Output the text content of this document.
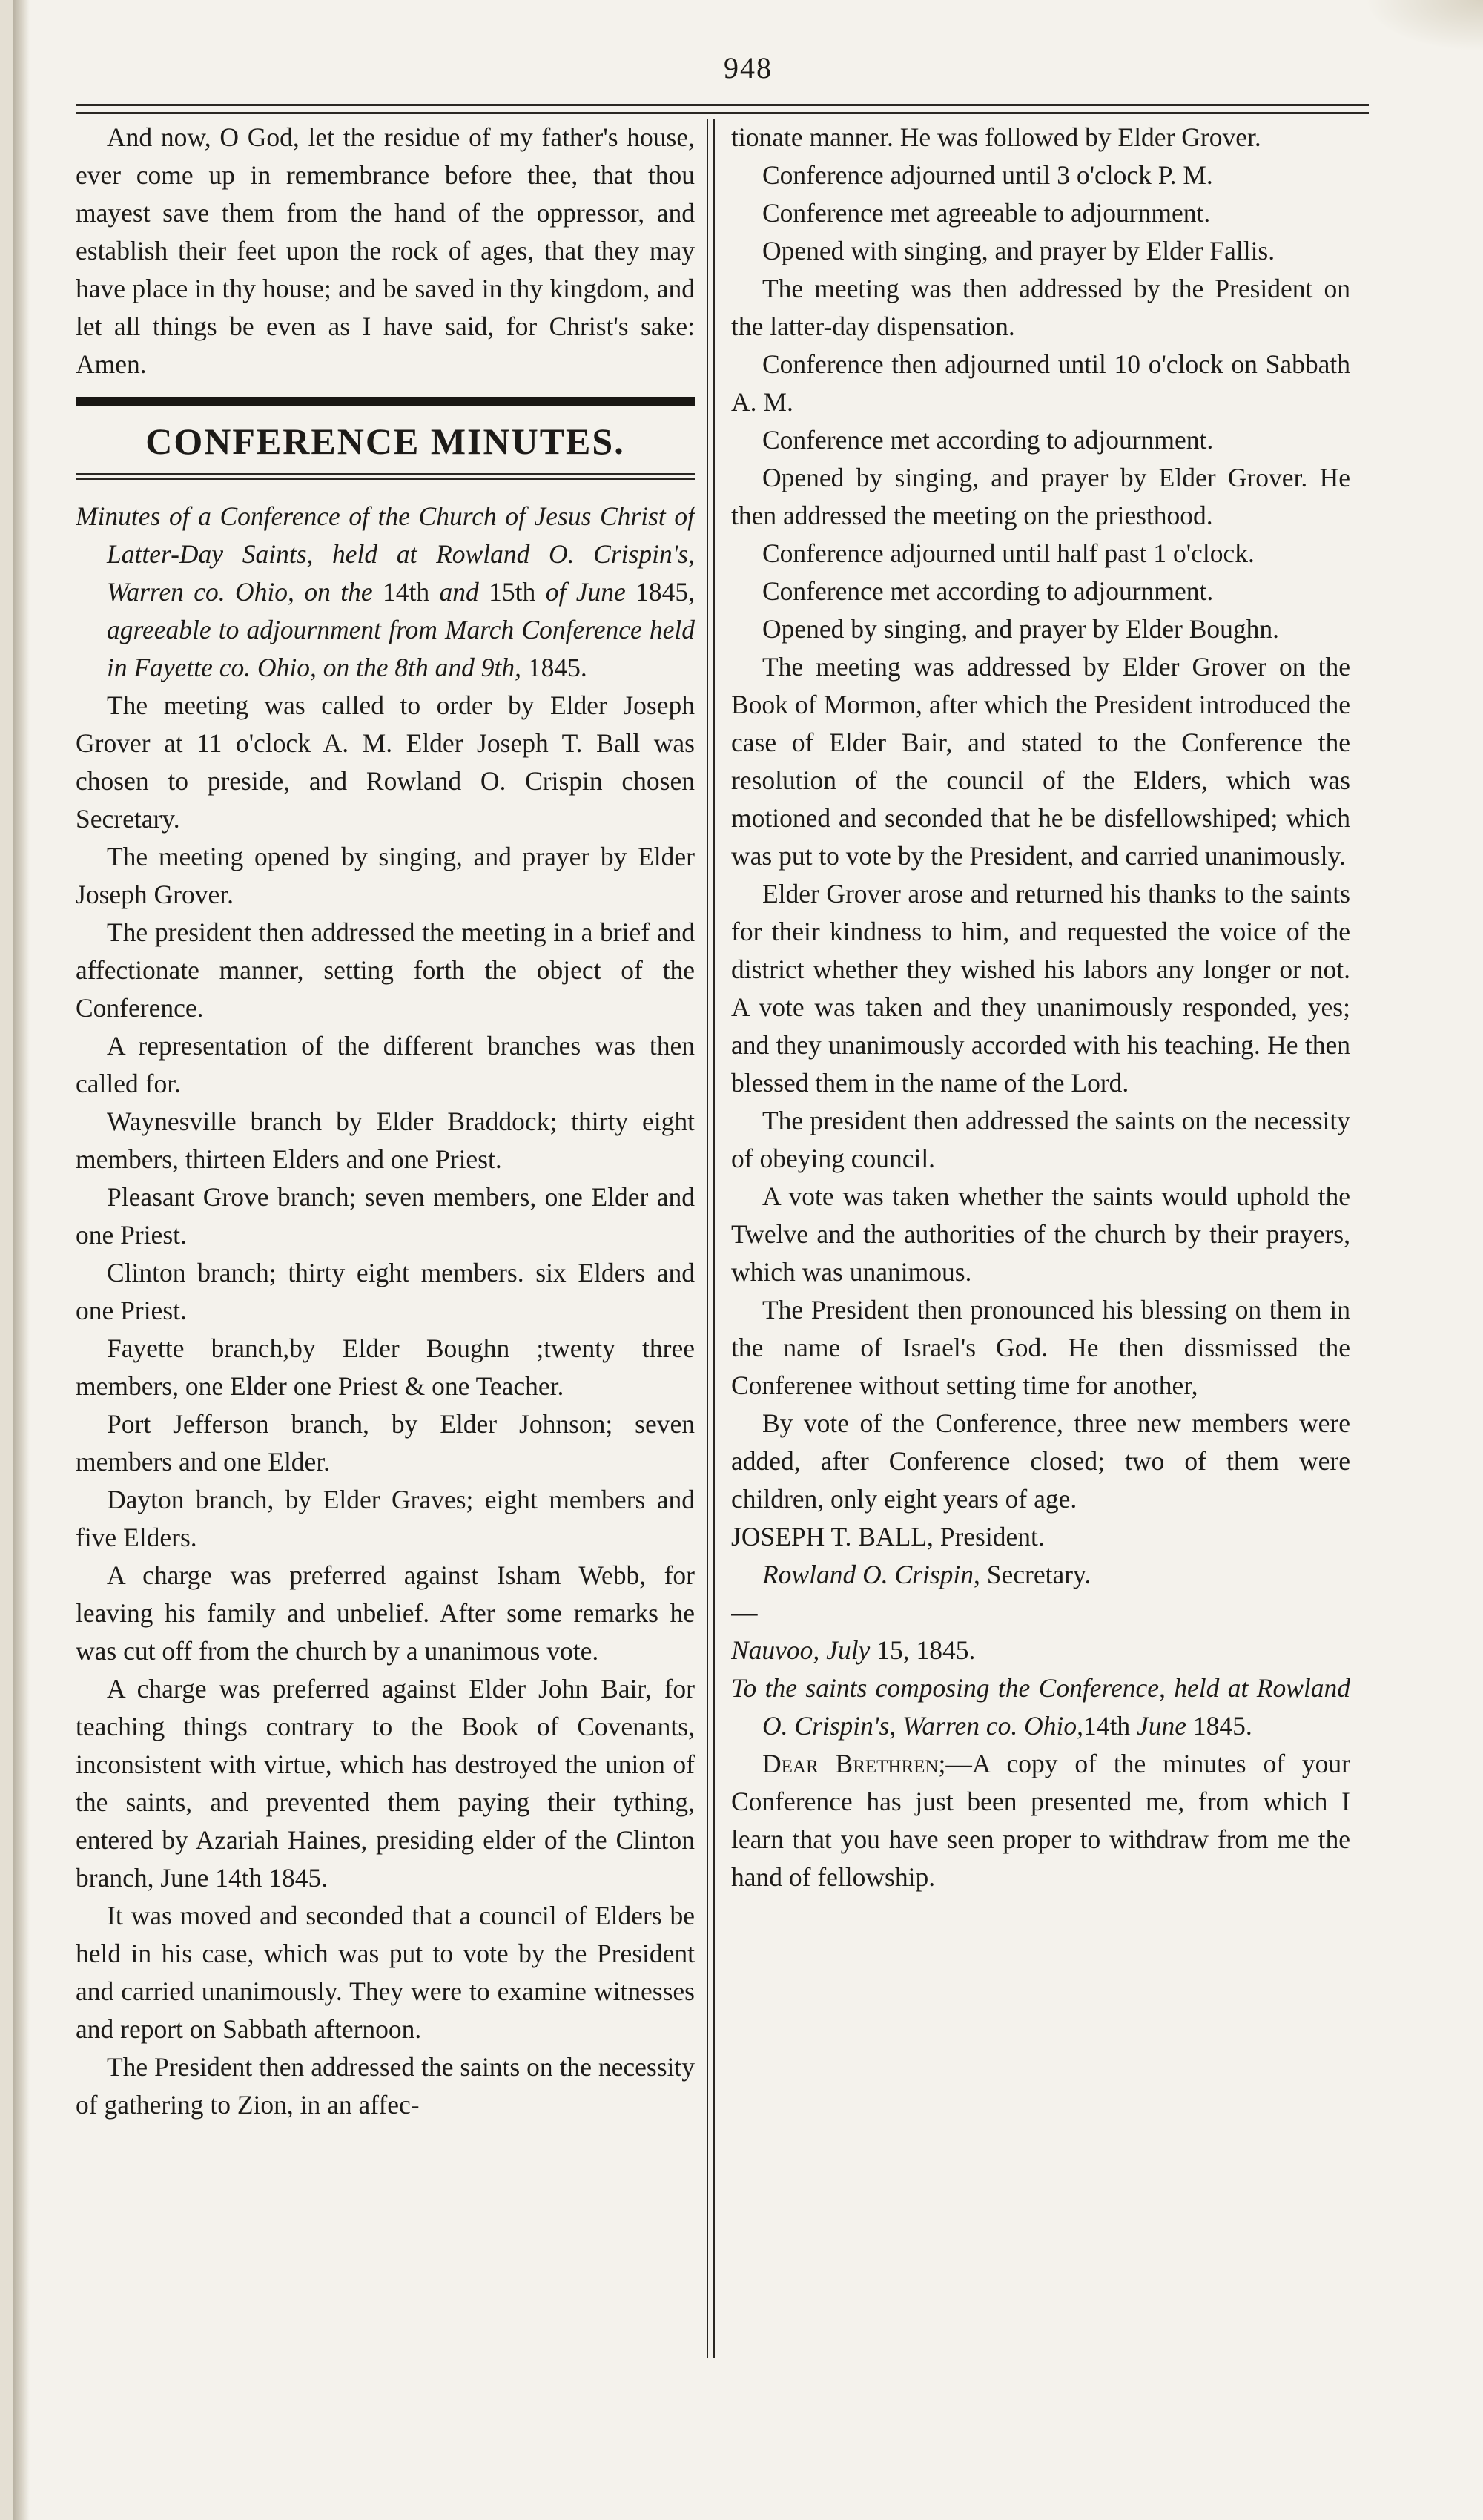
948

And now, O God, let the residue of my father's house, ever come up in remembrance before thee, that thou mayest save them from the hand of the oppressor, and establish their feet upon the rock of ages, that they may have place in thy house; and be saved in thy kingdom, and let all things be even as I have said, for Christ's sake: Amen.

CONFERENCE MINUTES.

Minutes of a Conference of the Church of Jesus Christ of Latter-Day Saints, held at Rowland O. Crispin's, Warren co. Ohio, on the 14th and 15th of June 1845, agreeable to adjournment from March Conference held in Fayette co. Ohio, on the 8th and 9th, 1845.

The meeting was called to order by Elder Joseph Grover at 11 o'clock A. M. Elder Joseph T. Ball was chosen to preside, and Rowland O. Crispin chosen Secretary.

The meeting opened by singing, and prayer by Elder Joseph Grover.

The president then addressed the meeting in a brief and affectionate manner, setting forth the object of the Conference.

A representation of the different branches was then called for.

Waynesville branch by Elder Braddock; thirty eight members, thirteen Elders and one Priest.

Pleasant Grove branch; seven members, one Elder and one Priest.

Clinton branch; thirty eight members. six Elders and one Priest.

Fayette branch,by Elder Boughn ;twenty three members, one Elder one Priest & one Teacher.

Port Jefferson branch, by Elder Johnson; seven members and one Elder.

Dayton branch, by Elder Graves; eight members and five Elders.

A charge was preferred against Isham Webb, for leaving his family and unbelief. After some remarks he was cut off from the church by a unanimous vote.

A charge was preferred against Elder John Bair, for teaching things contrary to the Book of Covenants, inconsistent with virtue, which has destroyed the union of the saints, and prevented them paying their tything, entered by Azariah Haines, presiding elder of the Clinton branch, June 14th 1845.

It was moved and seconded that a council of Elders be held in his case, which was put to vote by the President and carried unanimously. They were to examine witnesses and report on Sabbath afternoon.

The President then addressed the saints on the necessity of gathering to Zion, in an affec-

tionate manner. He was followed by Elder Grover.

Conference adjourned until 3 o'clock P. M.

Conference met agreeable to adjournment.

Opened with singing, and prayer by Elder Fallis.

The meeting was then addressed by the President on the latter-day dispensation.

Conference then adjourned until 10 o'clock on Sabbath A. M.

Conference met according to adjournment.

Opened by singing, and prayer by Elder Grover. He then addressed the meeting on the priesthood.

Conference adjourned until half past 1 o'clock.

Conference met according to adjournment.

Opened by singing, and prayer by Elder Boughn.

The meeting was addressed by Elder Grover on the Book of Mormon, after which the President introduced the case of Elder Bair, and stated to the Conference the resolution of the council of the Elders, which was motioned and seconded that he be disfellowshiped; which was put to vote by the President, and carried unanimously.

Elder Grover arose and returned his thanks to the saints for their kindness to him, and requested the voice of the district whether they wished his labors any longer or not. A vote was taken and they unanimously responded, yes; and they unanimously accorded with his teaching. He then blessed them in the name of the Lord.

The president then addressed the saints on the necessity of obeying council.

A vote was taken whether the saints would uphold the Twelve and the authorities of the church by their prayers, which was unanimous.

The President then pronounced his blessing on them in the name of Israel's God. He then dissmissed the Conferenee without setting time for another,

By vote of the Conference, three new members were added, after Conference closed; two of them were children, only eight years of age.

JOSEPH T. BALL, President.

Rowland O. Crispin, Secretary.

—

Nauvoo, July 15, 1845.

To the saints composing the Conference, held at Rowland O. Crispin's, Warren co. Ohio,14th June 1845.

Dear Brethren;—A copy of the minutes of your Conference has just been presented me, from which I learn that you have seen proper to withdraw from me the hand of fellowship.
